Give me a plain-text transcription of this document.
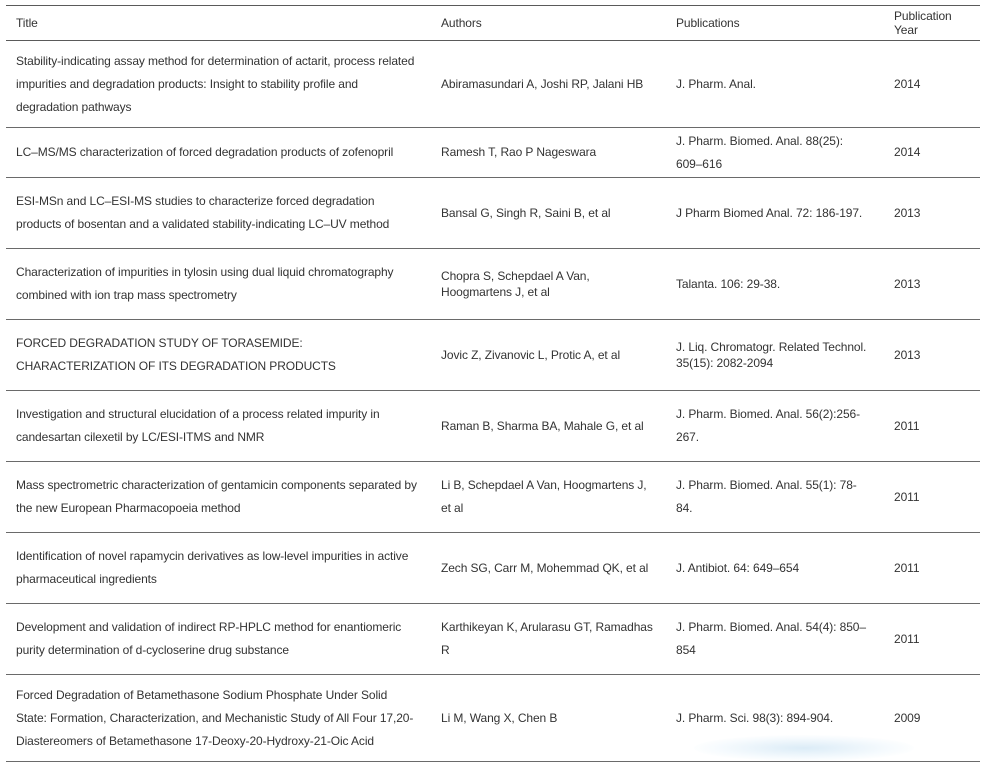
Title	Authors	Publications	Publication Year
Stability-indicating assay method for determination of actarit, process related impurities and degradation products: Insight to stability profile and degradation pathways	Abiramasundari A, Joshi RP, Jalani HB	J. Pharm. Anal.	2014
LC–MS/MS characterization of forced degradation products of zofenopril	Ramesh T, Rao P Nageswara	J. Pharm. Biomed. Anal. 88(25): 609–616	2014
ESI-MSn and LC–ESI-MS studies to characterize forced degradation products of bosentan and a validated stability-indicating LC–UV method	Bansal G, Singh R, Saini B, et al	J Pharm Biomed Anal. 72: 186-197.	2013
Characterization of impurities in tylosin using dual liquid chromatography combined with ion trap mass spectrometry	Chopra S, Schepdael A Van, Hoogmartens J, et al	Talanta. 106: 29-38.	2013
FORCED DEGRADATION STUDY OF TORASEMIDE: CHARACTERIZATION OF ITS DEGRADATION PRODUCTS	Jovic Z, Zivanovic L, Protic A, et al	J. Liq. Chromatogr. Related Technol. 35(15): 2082-2094	2013
Investigation and structural elucidation of a process related impurity in candesartan cilexetil by LC/ESI-ITMS and NMR	Raman B, Sharma BA, Mahale G, et al	J. Pharm. Biomed. Anal. 56(2):256-267.	2011
Mass spectrometric characterization of gentamicin components separated by the new European Pharmacopoeia method	Li B, Schepdael A Van, Hoogmartens J, et al	J. Pharm. Biomed. Anal. 55(1): 78-84.	2011
Identification of novel rapamycin derivatives as low-level impurities in active pharmaceutical ingredients	Zech SG, Carr M, Mohemmad QK, et al	J. Antibiot. 64: 649–654	2011
Development and validation of indirect RP-HPLC method for enantiomeric purity determination of d-cycloserine drug substance	Karthikeyan K, Arularasu GT, Ramadhas R	J. Pharm. Biomed. Anal. 54(4): 850–854	2011
Forced Degradation of Betamethasone Sodium Phosphate Under Solid State: Formation, Characterization, and Mechanistic Study of All Four 17,20-Diastereomers of Betamethasone 17-Deoxy-20-Hydroxy-21-Oic Acid	Li M, Wang X, Chen B	J. Pharm. Sci. 98(3): 894-904.	2009
